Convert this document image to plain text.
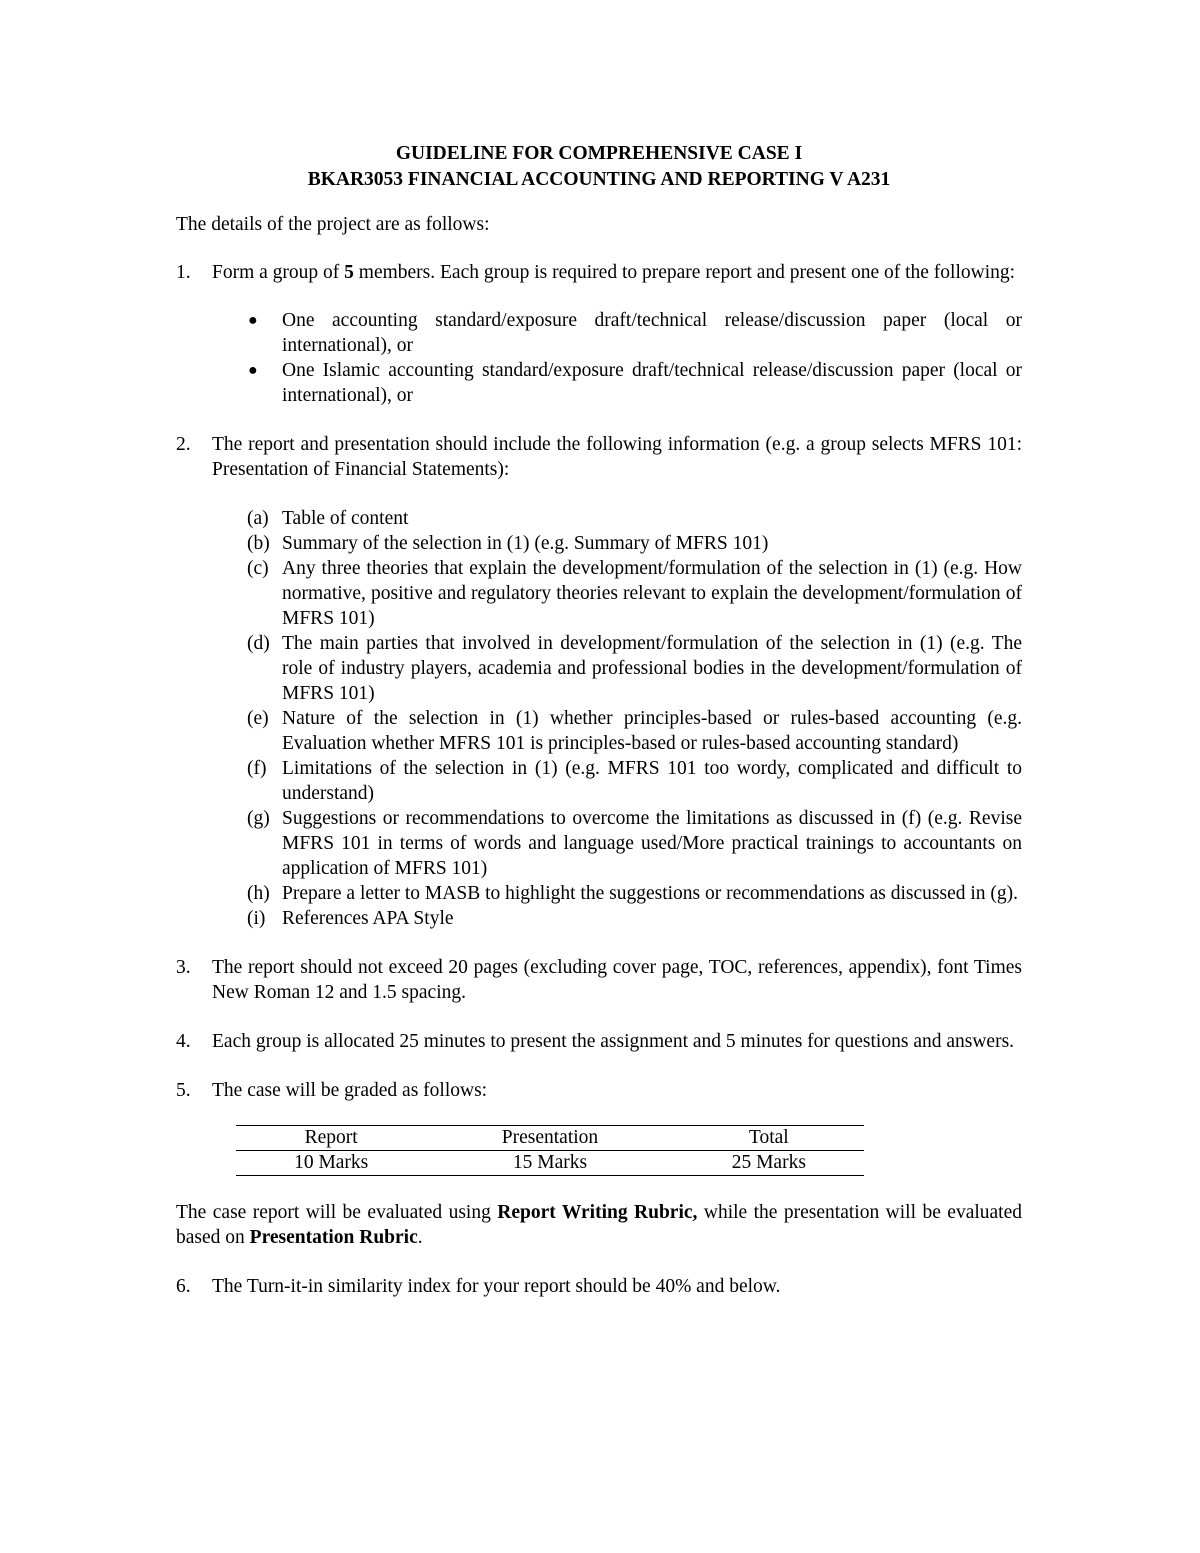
GUIDELINE FOR COMPREHENSIVE CASE I
BKAR3053 FINANCIAL ACCOUNTING AND REPORTING V A231

The details of the project are as follows:

1. Form a group of 5 members. Each group is required to prepare report and present one of the following:
● One accounting standard/exposure draft/technical release/discussion paper (local or international), or
● One Islamic accounting standard/exposure draft/technical release/discussion paper (local or international), or
2. The report and presentation should include the following information (e.g. a group selects MFRS 101: Presentation of Financial Statements):
(a) Table of content
(b) Summary of the selection in (1) (e.g. Summary of MFRS 101)
(c) Any three theories that explain the development/formulation of the selection in (1) (e.g. How normative, positive and regulatory theories relevant to explain the development/formulation of MFRS 101)
(d) The main parties that involved in development/formulation of the selection in (1) (e.g. The role of industry players, academia and professional bodies in the development/formulation of MFRS 101)
(e) Nature of the selection in (1) whether principles-based or rules-based accounting (e.g. Evaluation whether MFRS 101 is principles-based or rules-based accounting standard)
(f) Limitations of the selection in (1) (e.g. MFRS 101 too wordy, complicated and difficult to understand)
(g) Suggestions or recommendations to overcome the limitations as discussed in (f) (e.g. Revise MFRS 101 in terms of words and language used/More practical trainings to accountants on application of MFRS 101)
(h) Prepare a letter to MASB to highlight the suggestions or recommendations as discussed in (g).
(i) References APA Style
3. The report should not exceed 20 pages (excluding cover page, TOC, references, appendix), font Times New Roman 12 and 1.5 spacing.
4. Each group is allocated 25 minutes to present the assignment and 5 minutes for questions and answers.
5. The case will be graded as follows:
Report	Presentation	Total
10 Marks	15 Marks	25 Marks

The case report will be evaluated using Report Writing Rubric, while the presentation will be evaluated based on Presentation Rubric.

6. The Turn-it-in similarity index for your report should be 40% and below.
